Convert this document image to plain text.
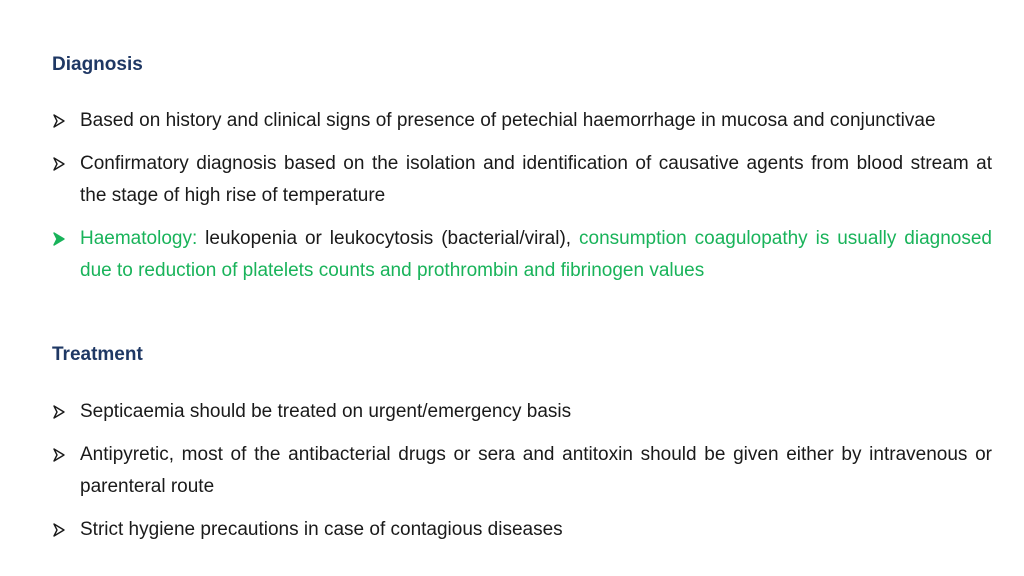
Diagnosis
Based on history and clinical signs of presence of petechial haemorrhage in mucosa and conjunctivae
Confirmatory diagnosis based on the isolation and identification of causative agents from blood stream at the stage of high rise of temperature
Haematology: leukopenia or leukocytosis (bacterial/viral), consumption coagulopathy is usually diagnosed due to reduction of platelets counts and prothrombin and fibrinogen values
Treatment
Septicaemia should be treated on urgent/emergency basis
Antipyretic, most of the antibacterial drugs or sera and antitoxin should be given either by intravenous or parenteral route
Strict hygiene precautions in case of contagious diseases
